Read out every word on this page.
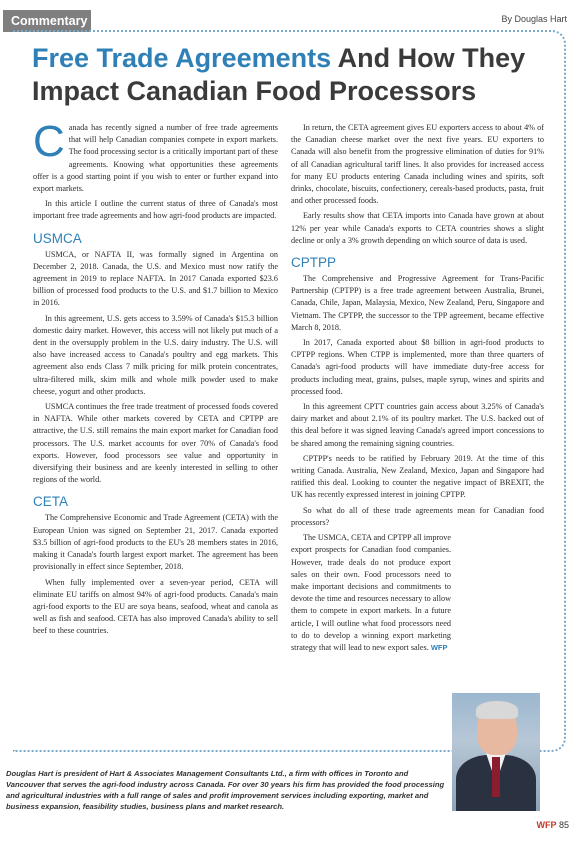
Commentary	By Douglas Hart
Free Trade Agreements And How They Impact Canadian Food Processors

Canada has recently signed a number of free trade agreements that will help Canadian companies compete in export markets. The food processing sector is a critically important part of these agreements. Knowing what opportunities these agreements offer is a good starting point if you wish to enter or further expand into export markets.

In this article I outline the current status of three of Canada's most important free trade agreements and how agri-food products are impacted.

USMCA

USMCA, or NAFTA II, was formally signed in Argentina on December 2, 2018. Canada, the U.S. and Mexico must now ratify the agreement in 2019 to replace NAFTA. In 2017 Canada exported $23.6 billion of processed food products to the U.S. and $1.7 billion to Mexico in 2016.

In this agreement, U.S. gets access to 3.59% of Canada's $15.3 billion domestic dairy market. However, this access will not likely put much of a dent in the oversupply problem in the U.S. dairy industry. The U.S. will also have increased access to Canada's poultry and egg markets. This agreement also ends Class 7 milk pricing for milk protein concentrates, ultra-filtered milk, skim milk and whole milk powder used to make cheese, yogurt and other products.

USMCA continues the free trade treatment of processed foods covered in NAFTA. While other markets covered by CETA and CPTPP are attractive, the U.S. still remains the main export market for Canadian food processors. The U.S. market accounts for over 70% of Canada's food exports. However, food processors see value and opportunity in diversifying their business and are keenly interested in selling to other regions of the world.

CETA

The Comprehensive Economic and Trade Agreement (CETA) with the European Union was signed on September 21, 2017. Canada exported $3.5 billion of agri-food products to the EU's 28 members states in 2016, making it Canada's fourth largest export market. The agreement has been provisionally in effect since September, 2018.

When fully implemented over a seven-year period, CETA will eliminate EU tariffs on almost 94% of agri-food products. Canada's main agri-food exports to the EU are soya beans, seafood, wheat and canola as well as fish and seafood. CETA has also improved Canada's ability to sell beef to these countries.

In return, the CETA agreement gives EU exporters access to about 4% of the Canadian cheese market over the next five years. EU exporters to Canada will also benefit from the progressive elimination of duties for 91% of all Canadian agricultural tariff lines. It also provides for increased access for many EU products entering Canada including wines and spirits, soft drinks, chocolate, biscuits, confectionery, cereals-based products, pasta, fruit and other processed foods.

Early results show that CETA imports into Canada have grown at about 12% per year while Canada's exports to CETA countries shows a slight decline or only a 3% growth depending on which source of data is used.

CPTPP

The Comprehensive and Progressive Agreement for Trans-Pacific Partnership (CPTPP) is a free trade agreement between Australia, Brunei, Canada, Chile, Japan, Malaysia, Mexico, New Zealand, Peru, Singapore and Vietnam. The CPTPP, the successor to the TPP agreement, became effective March 8, 2018.

In 2017, Canada exported about $8 billion in agri-food products to CPTPP regions. When CTPP is implemented, more than three quarters of Canada's agri-food products will have immediate duty-free access for products including meat, grains, pulses, maple syrup, wines and spirits and processed food.

In this agreement CPTT countries gain access about 3.25% of Canada's dairy market and about 2.1% of its poultry market. The U.S. backed out of this deal before it was signed leaving Canada's agreed import concessions to be shared among the remaining signing countries.

CPTPP's needs to be ratified by February 2019. At the time of this writing Canada. Australia, New Zealand, Mexico, Japan and Singapore had ratified this deal. Looking to counter the negative impact of BREXIT, the UK has recently expressed interest in joining CPTPP.

So what do all of these trade agreements mean for Canadian food processors?

The USMCA, CETA and CPTPP all improve export prospects for Canadian food companies. However, trade deals do not produce export sales on their own. Food processors need to make important decisions and commitments to devote the time and resources necessary to allow them to compete in export markets. In a future article, I will outline what food processors need to do to develop a winning export marketing strategy that will lead to new export sales. WFP

Douglas Hart is president of Hart & Associates Management Consultants Ltd., a firm with offices in Toronto and Vancouver that serves the agri-food industry across Canada. For over 30 years his firm has provided the food processing and agricultural industries with a full range of sales and profit improvement services including exporting, market and business expansion, feasibility studies, business plans and market research.
WFP 85
